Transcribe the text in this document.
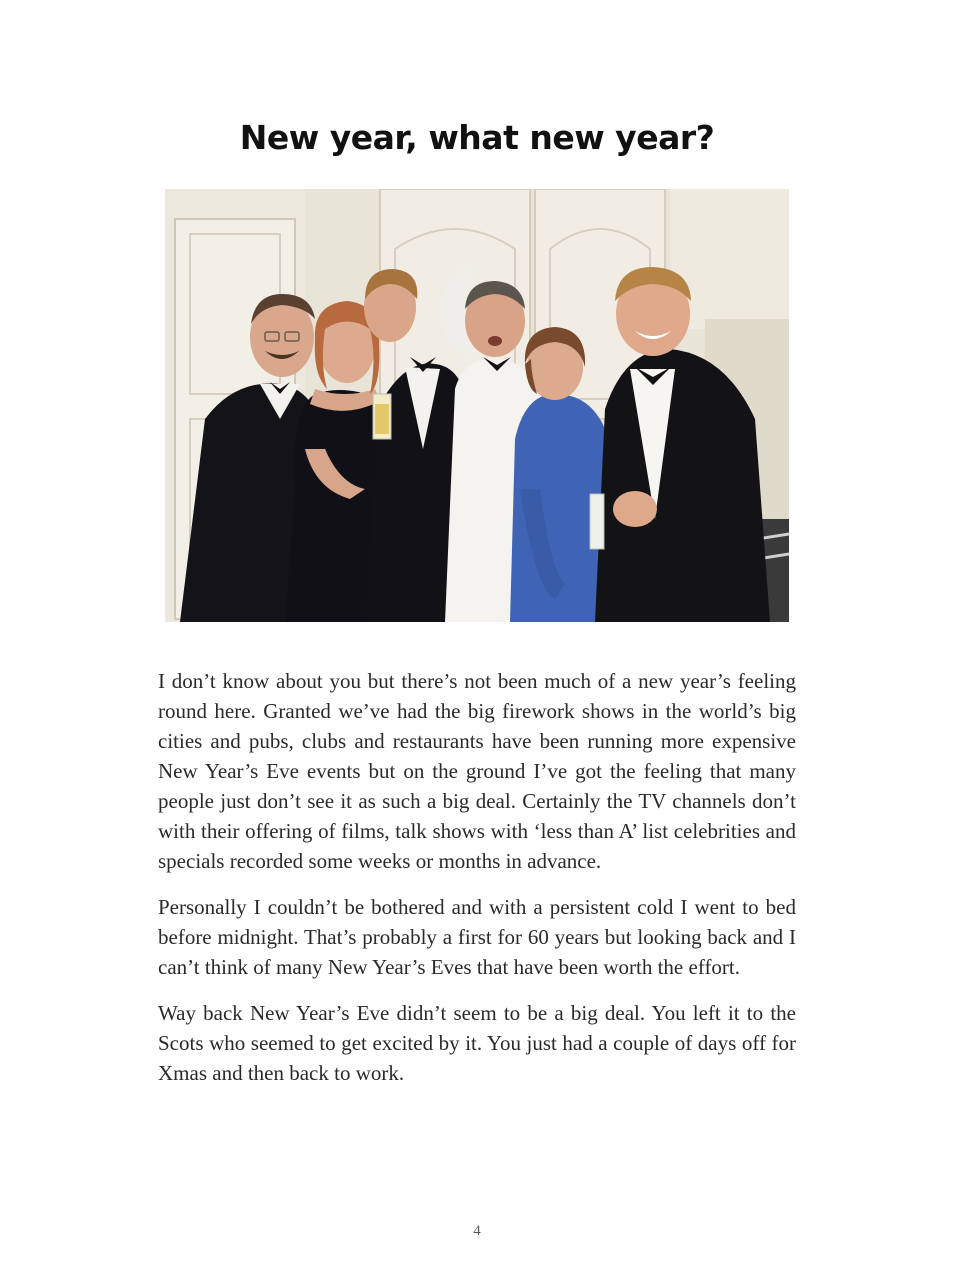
New year, what new year?

I don’t know about you but there’s not been much of a new year’s feeling round here. Granted we’ve had the big firework shows in the world’s big cities and pubs, clubs and restaurants have been running more expensive New Year’s Eve events but on the ground I’ve got the feeling that many people just don’t see it as such a big deal. Certainly the TV channels don’t with their offering of films, talk shows with ‘less than A’ list celebrities and specials recorded some weeks or months in advance.

Personally I couldn’t be bothered and with a persistent cold I went to bed before midnight. That’s probably a first for 60 years but looking back and I can’t think of many New Year’s Eves that have been worth the effort.

Way back New Year’s Eve didn’t seem to be a big deal. You left it to the Scots who seemed to get excited by it. You just had a couple of days off for Xmas and then back to work.

4
